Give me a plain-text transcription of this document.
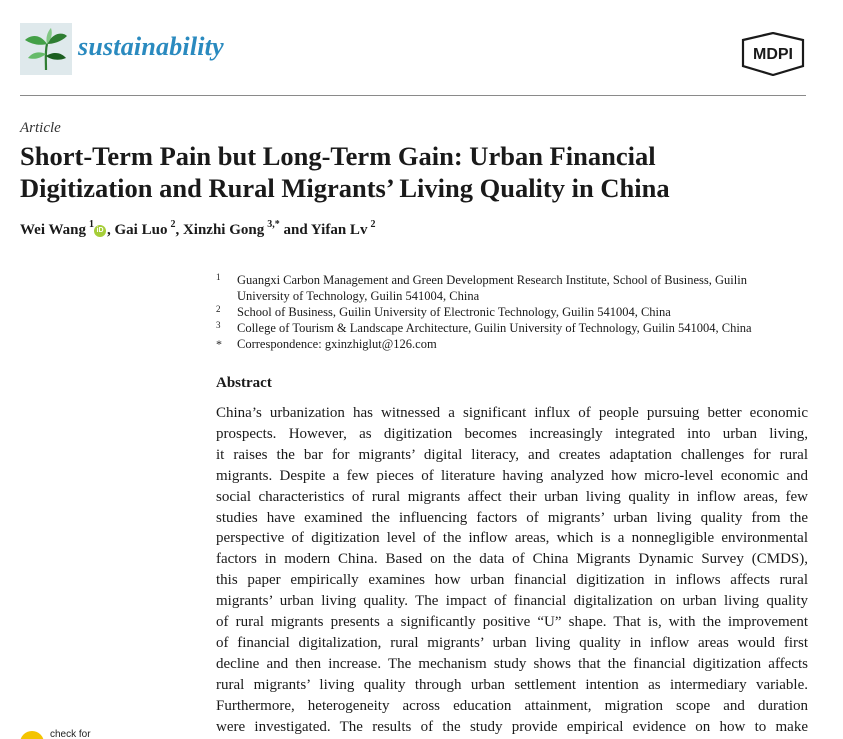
sustainability	MDPI
Article
Short-Term Pain but Long-Term Gain: Urban Financial
Digitization and Rural Migrants’ Living Quality in China
Wei Wang  $^1$iD , Gai Luo  $^2$, Xinzhi Gong  $^{3,*}$ and Yifan Lv  $^2$
1 Guangxi Carbon Management and Green Development Research Institute, School of Business, Guilin
University of Technology, Guilin 541004, China
2 School of Business, Guilin University of Electronic Technology, Guilin 541004, China
3 College of Tourism & Landscape Architecture, Guilin University of Technology, Guilin 541004, China
* Correspondence: gxinzhiglut@126.com
Abstract
China’s urbanization has witnessed a significant influx of people pursuing better economic
prospects. However, as digitization becomes increasingly integrated into urban living,
it raises the bar for migrants’ digital literacy, and creates adaptation challenges for rural
migrants. Despite a few pieces of literature having analyzed how micro-level economic and
social characteristics of rural migrants affect their urban living quality in inflow areas, few
studies have examined the influencing factors of migrants’ urban living quality from the
perspective of digitization level of the inflow areas, which is a nonnegligible environmental
factors in modern China. Based on the data of China Migrants Dynamic Survey (CMDS),
this paper empirically examines how urban financial digitization in inflows affects rural
migrants’ urban living quality. The impact of financial digitalization on urban living quality
of rural migrants presents a significantly positive “U” shape. That is, with the improvement
of financial digitalization, rural migrants’ urban living quality in inflow areas would first
decline and then increase. The mechanism study shows that the financial digitization affects
rural migrants’ living quality through urban settlement intention as intermediary variable.
Furthermore, heterogeneity across education attainment, migration scope and duration
were investigated. The results of the study provide empirical evidence on how to make
check for
